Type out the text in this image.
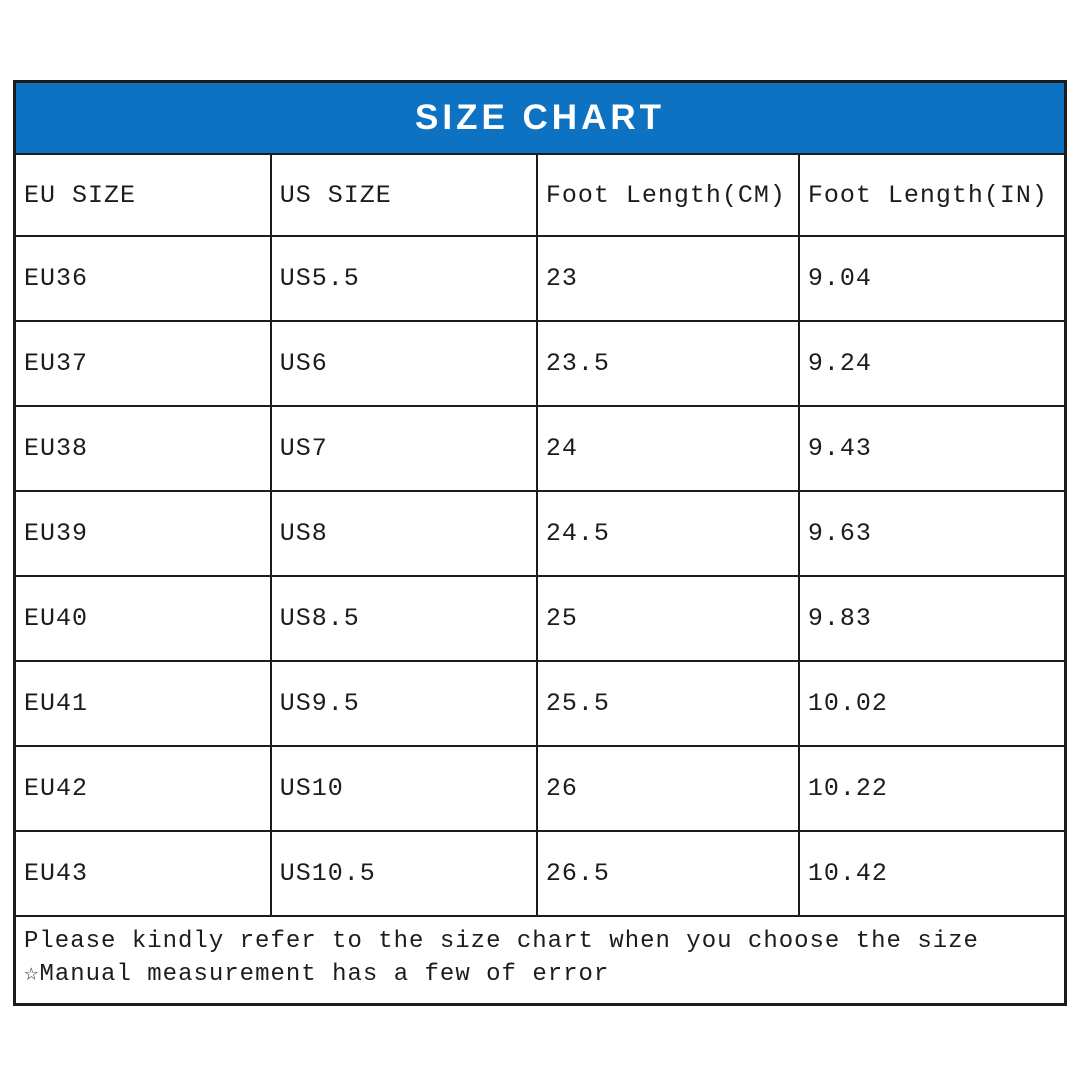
SIZE CHART
EU SIZE	US SIZE	Foot Length(CM) Foot Length(IN)
EU36	US5.5	23	9.04
EU37	US6	23.5	9.24
EU38	US7	24	9.43
EU39	US8	24.5	9.63
EU40	US8.5	25	9.83
EU41	US9.5	25.5	10.02
EU42	US10	26	10.22
EU43	US10.5	26.5	10.42
Please kindly refer to the size chart when you choose the size
☆Manual measurement has a few of error
